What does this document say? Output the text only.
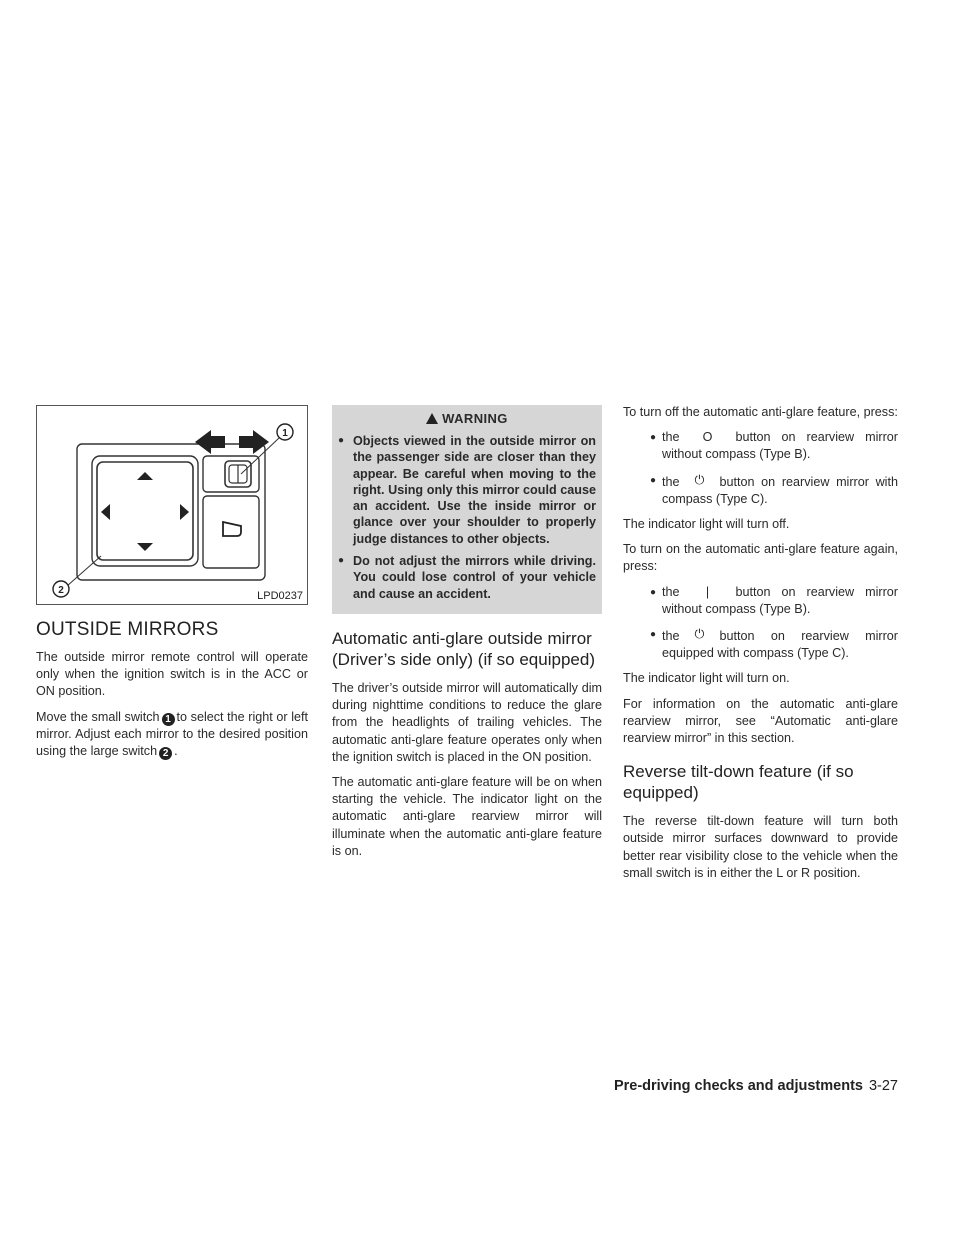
1
2	LPD0237
OUTSIDE MIRRORS

The outside mirror remote control will operate only when the ignition switch is in the ACC or ON position.

Move the small switch 1 to select the right or left mirror. Adjust each mirror to the desired position using the large switch 2 .

WARNING
● Objects viewed in the outside mirror on the passenger side are closer than they appear. Be careful when moving to the right. Using only this mirror could cause an accident. Use the inside mirror or glance over your shoulder to properly judge distances to other objects.
● Do not adjust the mirrors while driving. You could lose control of your vehicle and cause an accident.
Automatic anti-glare outside mirror (Driver’s side only) (if so equipped)

The driver’s outside mirror will automatically dim during nighttime conditions to reduce the glare from the headlights of trailing vehicles. The automatic anti-glare feature operates only when the ignition switch is placed in the ON position.

The automatic anti-glare feature will be on when starting the vehicle. The indicator light on the automatic anti-glare rearview mirror will illuminate when the automatic anti-glare feature is on.

To turn off the automatic anti-glare feature, press:

● the O button on rearview mirror without compass (Type B).
● the ⏻ button on rearview mirror with compass (Type C).

The indicator light will turn off.

To turn on the automatic anti-glare feature again, press:

● the | button on rearview mirror without compass (Type B).
● the ⏻ button on rearview mirror equipped with compass (Type C).

The indicator light will turn on.

For information on the automatic anti-glare rearview mirror, see “Automatic anti-glare rearview mirror” in this section.

Reverse tilt-down feature (if so equipped)

The reverse tilt-down feature will turn both outside mirror surfaces downward to provide better rear visibility close to the vehicle when the small switch is in either the L or R position.

Pre-driving checks and adjustments 3-27
